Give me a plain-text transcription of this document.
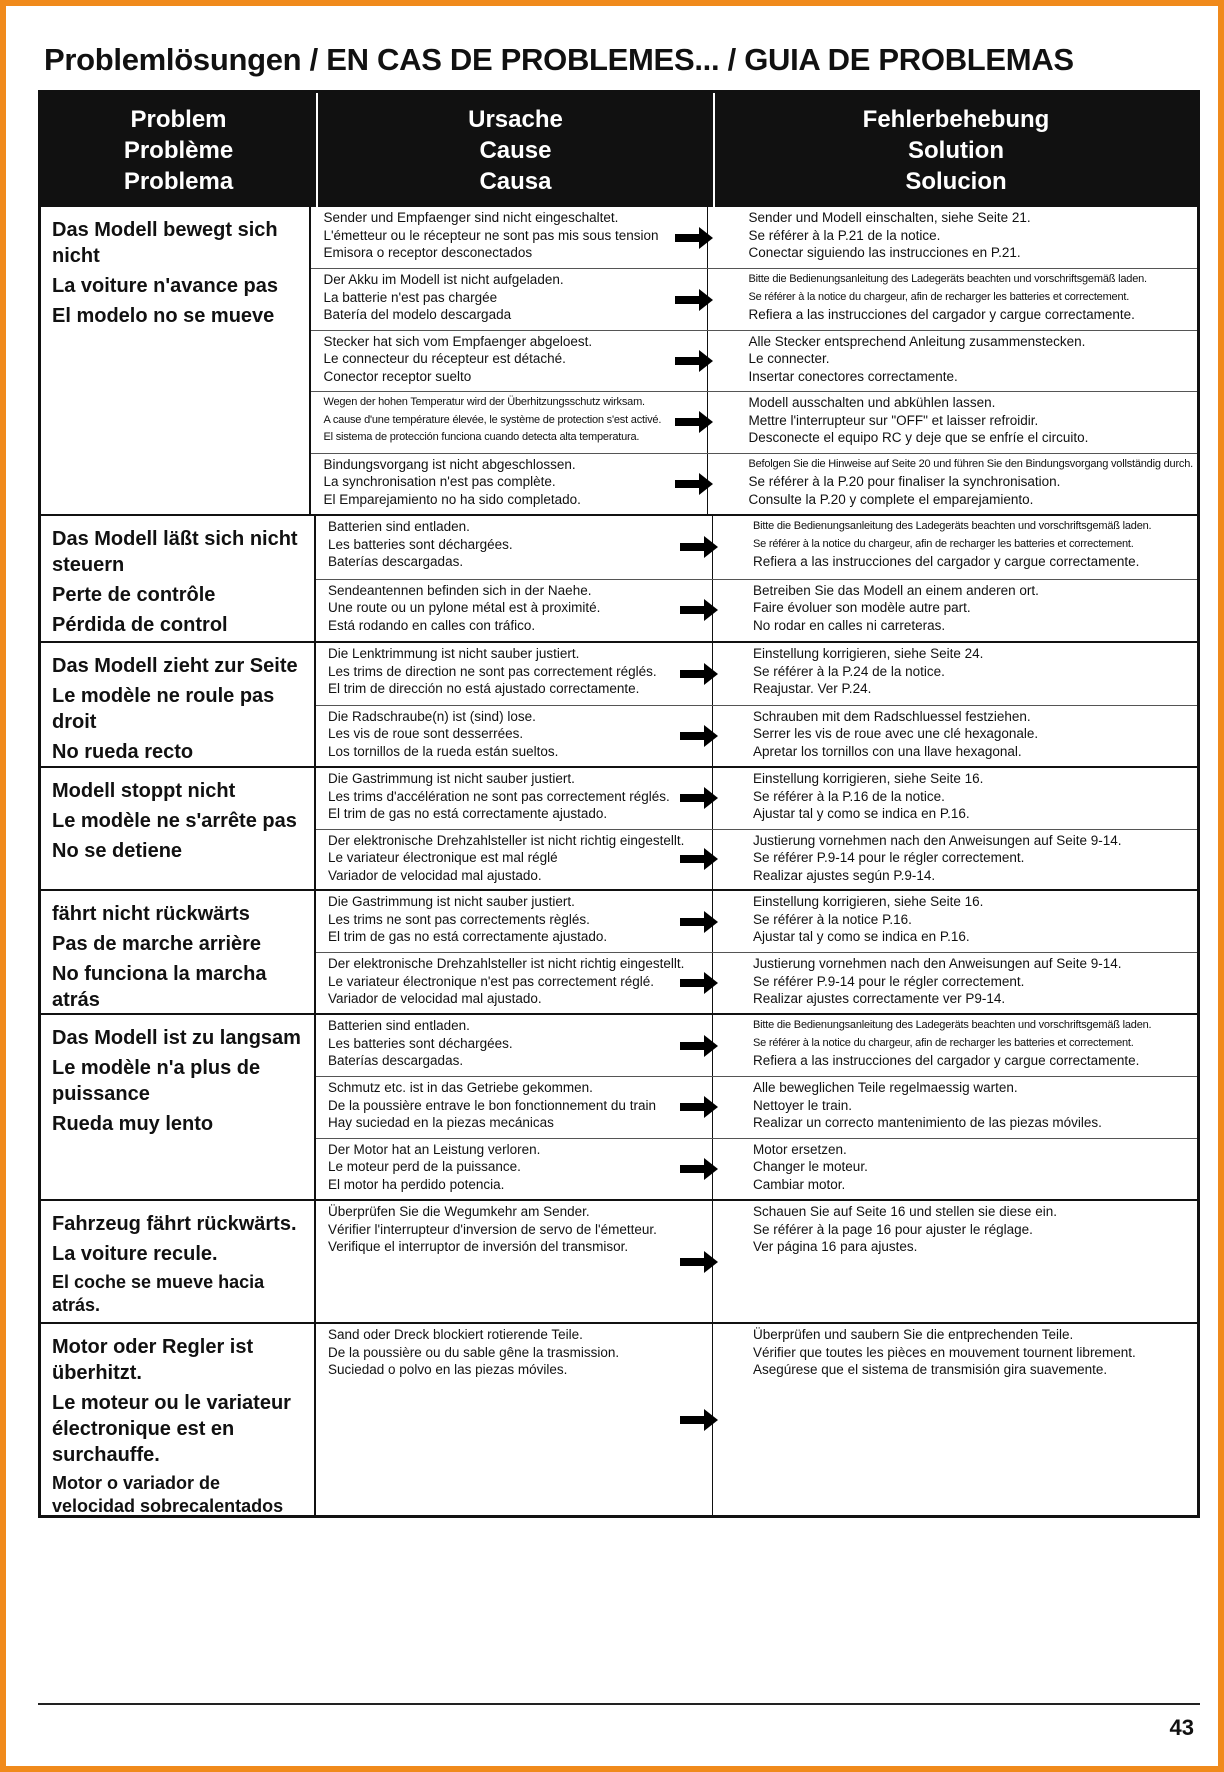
Problemlösungen / EN CAS DE PROBLEMES... / GUIA DE PROBLEMAS
Problem
Problème
Problema
Ursache
Cause
Causa
Fehlerbehebung
Solution
Solucion
Das Modell bewegt sich nicht
La voiture n'avance pas
El modelo no se mueve
Sender und Empfaenger sind nicht eingeschaltet.
L'émetteur ou le récepteur ne sont pas mis sous tension
Emisora o receptor desconectados
Sender und Modell einschalten, siehe Seite 21.
Se référer à la P.21 de la notice.
Conectar siguiendo las instrucciones en P.21.
Der Akku im Modell ist nicht aufgeladen.
La batterie n'est pas chargée
Batería del modelo descargada
Bitte die Bedienungsanleitung des Ladegeräts beachten und vorschriftsgemäß laden.
Se référer à la notice du chargeur, afin de recharger les batteries et correctement.
Refiera a las instrucciones del cargador y cargue correctamente.
Stecker hat sich vom Empfaenger abgeloest.
Le connecteur du récepteur est détaché.
Conector receptor suelto
Alle Stecker entsprechend Anleitung zusammenstecken.
Le connecter.
Insertar conectores correctamente.
Wegen der hohen Temperatur wird der Überhitzungsschutz wirksam.
A cause d'une température élevée, le système de protection s'est activé.
El sistema de protección funciona cuando detecta alta temperatura.
Modell ausschalten und abkühlen lassen.
Mettre l'interrupteur sur "OFF" et laisser refroidir.
Desconecte el equipo RC y deje que se enfríe el circuito.
Bindungsvorgang ist nicht abgeschlossen.
La synchronisation n'est pas complète.
El Emparejamiento no ha sido completado.
Befolgen Sie die Hinweise auf Seite 20 und führen Sie den Bindungsvorgang vollständig durch.
Se référer à la P.20 pour finaliser la synchronisation.
Consulte la P.20 y complete el emparejamiento.
Das Modell läßt sich nicht steuern
Perte de contrôle
Pérdida de control
Batterien sind entladen.
Les batteries sont déchargées.
Baterías descargadas.
Bitte die Bedienungsanleitung des Ladegeräts beachten und vorschriftsgemäß laden.
Se référer à la notice du chargeur, afin de recharger les batteries et correctement.
Refiera a las instrucciones del cargador y cargue correctamente.
Sendeantennen befinden sich in der Naehe.
Une route ou un pylone métal est à proximité.
Está rodando en calles con tráfico.
Betreiben Sie das Modell an einem anderen ort.
Faire évoluer son modèle autre part.
No rodar en calles ni carreteras.
Das Modell zieht zur Seite
Le modèle ne roule pas droit
No rueda recto
Die Lenktrimmung ist nicht sauber justiert.
Les trims de direction ne sont pas correctement réglés.
El trim de dirección no está ajustado correctamente.
Einstellung korrigieren, siehe Seite 24.
Se référer à la P.24 de la notice.
Reajustar. Ver P.24.
Die Radschraube(n) ist (sind) lose.
Les vis de roue sont desserrées.
Los tornillos de la rueda están sueltos.
Schrauben mit dem Radschluessel festziehen.
Serrer les vis de roue avec une clé hexagonale.
Apretar los tornillos con una llave hexagonal.
Modell stoppt nicht
Le modèle ne s'arrête pas
No se detiene
Die Gastrimmung ist nicht sauber justiert.
Les trims d'accélération ne sont pas correctement réglés.
El trim de gas no está correctamente ajustado.
Einstellung korrigieren, siehe Seite 16.
Se référer à la P.16 de la notice.
Ajustar tal y como se indica en P.16.
Der elektronische Drehzahlsteller ist nicht richtig eingestellt.
Le variateur électronique est mal réglé
Variador de velocidad mal ajustado.
Justierung vornehmen nach den Anweisungen auf Seite 9-14.
Se référer P.9-14 pour le régler correctement.
Realizar ajustes según P.9-14.
fährt nicht rückwärts
Pas de marche arrière
No funciona la marcha atrás
Die Gastrimmung ist nicht sauber justiert.
Les trims ne sont pas correctements règlés.
El trim de gas no está correctamente ajustado.
Einstellung korrigieren, siehe Seite 16.
Se référer à la notice P.16.
Ajustar tal y como se indica en P.16.
Der elektronische Drehzahlsteller ist nicht richtig eingestellt.
Le variateur électronique n'est pas correctement réglé.
Variador de velocidad mal ajustado.
Justierung vornehmen nach den Anweisungen auf Seite 9-14.
Se référer P.9-14 pour le régler correctement.
Realizar ajustes correctamente ver P9-14.
Das Modell ist zu langsam
Le modèle n'a plus de puissance
Rueda muy lento
Batterien sind entladen.
Les batteries sont déchargées.
Baterías descargadas.
Bitte die Bedienungsanleitung des Ladegeräts beachten und vorschriftsgemäß laden.
Se référer à la notice du chargeur, afin de recharger les batteries et correctement.
Refiera a las instrucciones del cargador y cargue correctamente.
Schmutz etc. ist in das Getriebe gekommen.
De la poussière entrave le bon fonctionnement du train
Hay suciedad en la piezas mecánicas
Alle beweglichen Teile regelmaessig warten.
Nettoyer le train.
Realizar un correcto mantenimiento de las piezas móviles.
Der Motor hat an Leistung verloren.
Le moteur perd de la puissance.
El motor ha perdido potencia.
Motor ersetzen.
Changer le moteur.
Cambiar motor.
Fahrzeug fährt rückwärts.
La voiture recule.
El coche se mueve hacia atrás.
Überprüfen Sie die Wegumkehr am Sender.
Vérifier l'interrupteur d'inversion de servo de l'émetteur.
Verifique el interruptor de inversión del transmisor.
Schauen Sie auf Seite 16 und stellen sie diese ein.
Se référer à la page 16 pour ajuster le réglage.
Ver página 16 para ajustes.
Motor oder Regler ist überhitzt.
Le moteur ou le variateur électronique est en surchauffe.
Motor o variador de velocidad sobrecalentados
Sand oder Dreck blockiert rotierende Teile.
De la poussière ou du sable gêne la trasmission.
Suciedad o polvo en las piezas móviles.
Überprüfen und saubern Sie die entprechenden Teile.
Vérifier que toutes les pièces en mouvement tournent librement.
Asegúrese que el sistema de transmisión gira suavemente.
43
